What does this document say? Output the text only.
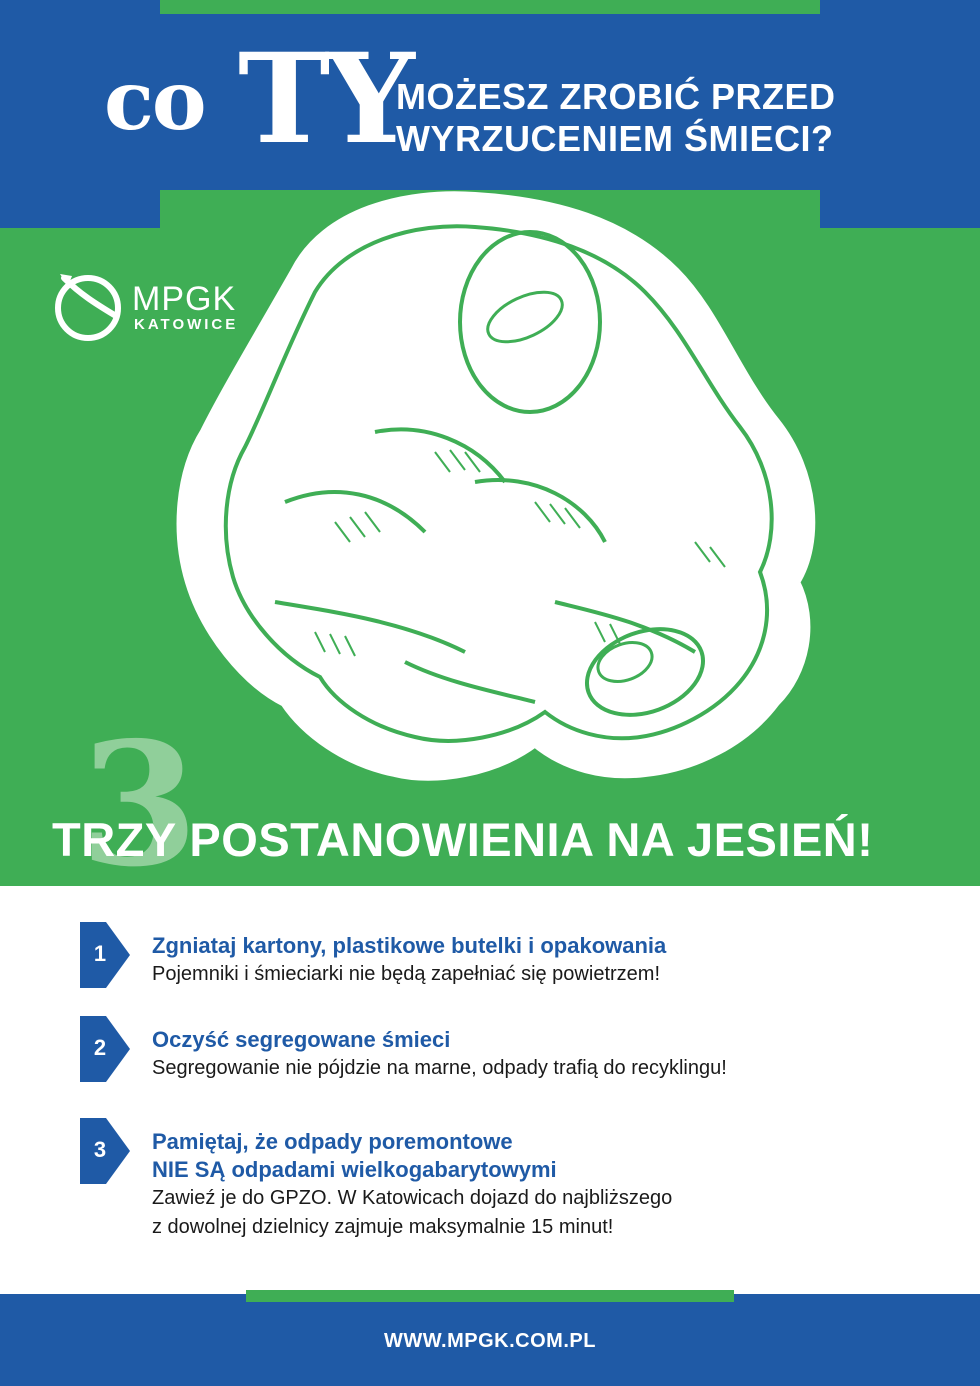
co TY
MOŻESZ ZROBIĆ PRZED
WYRZUCENIEM ŚMIECI?
MPGK
KATOWICE
3
TRZY POSTANOWIENIA NA JESIEŃ!
1	Zgniataj kartony, plastikowe butelki i opakowania
Pojemniki i śmieciarki nie będą zapełniać się powietrzem!
2	Oczyść segregowane śmieci
Segregowanie nie pójdzie na marne, odpady trafią do recyklingu!
3	Pamiętaj, że odpady poremontowe
NIE SĄ odpadami wielkogabarytowymi
Zawieź je do GPZO. W Katowicach dojazd do najbliższego
z dowolnej dzielnicy zajmuje maksymalnie 15 minut!
WWW.MPGK.COM.PL
